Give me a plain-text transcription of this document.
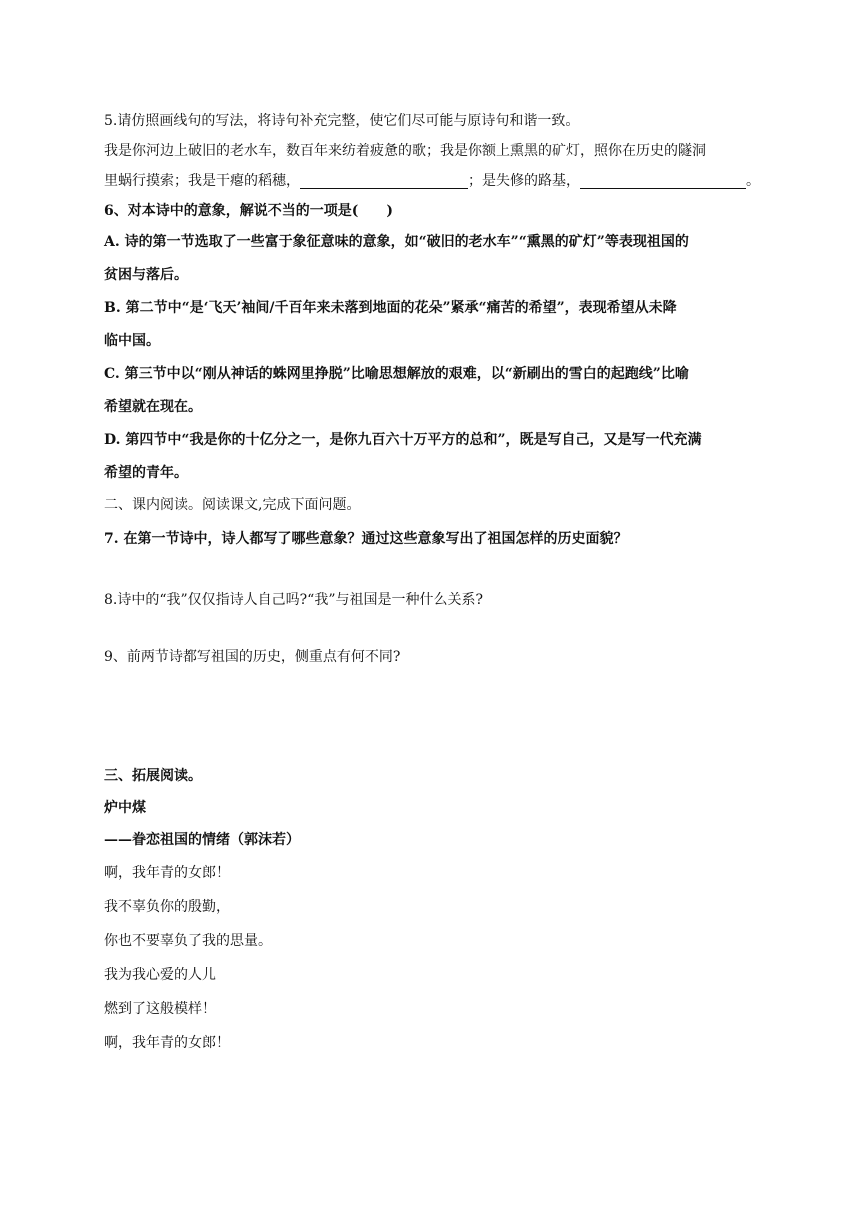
5.请仿照画线句的写法，将诗句补充完整，使它们尽可能与原诗句和谐一致。
我是你河边上破旧的老水车，数百年来纺着疲惫的歌；我是你额上熏黑的矿灯，照你在历史的隧洞
里蜗行摸索；我是干瘪的稻穗，	；是失修的路基，	。
6、对本诗中的意象，解说不当的一项是(　　)
A. 诗的第一节选取了一些富于象征意味的意象，如“破旧的老水车”“熏黑的矿灯”等表现祖国的
贫困与落后。
B. 第二节中“是‘飞天’袖间/千百年来未落到地面的花朵”紧承“痛苦的希望”，表现希望从未降
临中国。
C. 第三节中以“刚从神话的蛛网里挣脱”比喻思想解放的艰难，以“新刷出的雪白的起跑线”比喻
希望就在现在。
D. 第四节中“我是你的十亿分之一，是你九百六十万平方的总和”，既是写自己，又是写一代充满
希望的青年。
二、课内阅读。阅读课文,完成下面问题。
7. 在第一节诗中，诗人都写了哪些意象？通过这些意象写出了祖国怎样的历史面貌？
8.诗中的“我”仅仅指诗人自己吗?“我”与祖国是一种什么关系?
9、前两节诗都写祖国的历史，侧重点有何不同?
三、拓展阅读。
炉中煤
——眷恋祖国的情绪（郭沫若）
啊，我年青的女郎！
我不辜负你的殷勤，
你也不要辜负了我的思量。
我为我心爱的人儿
燃到了这般模样！
啊，我年青的女郎！
